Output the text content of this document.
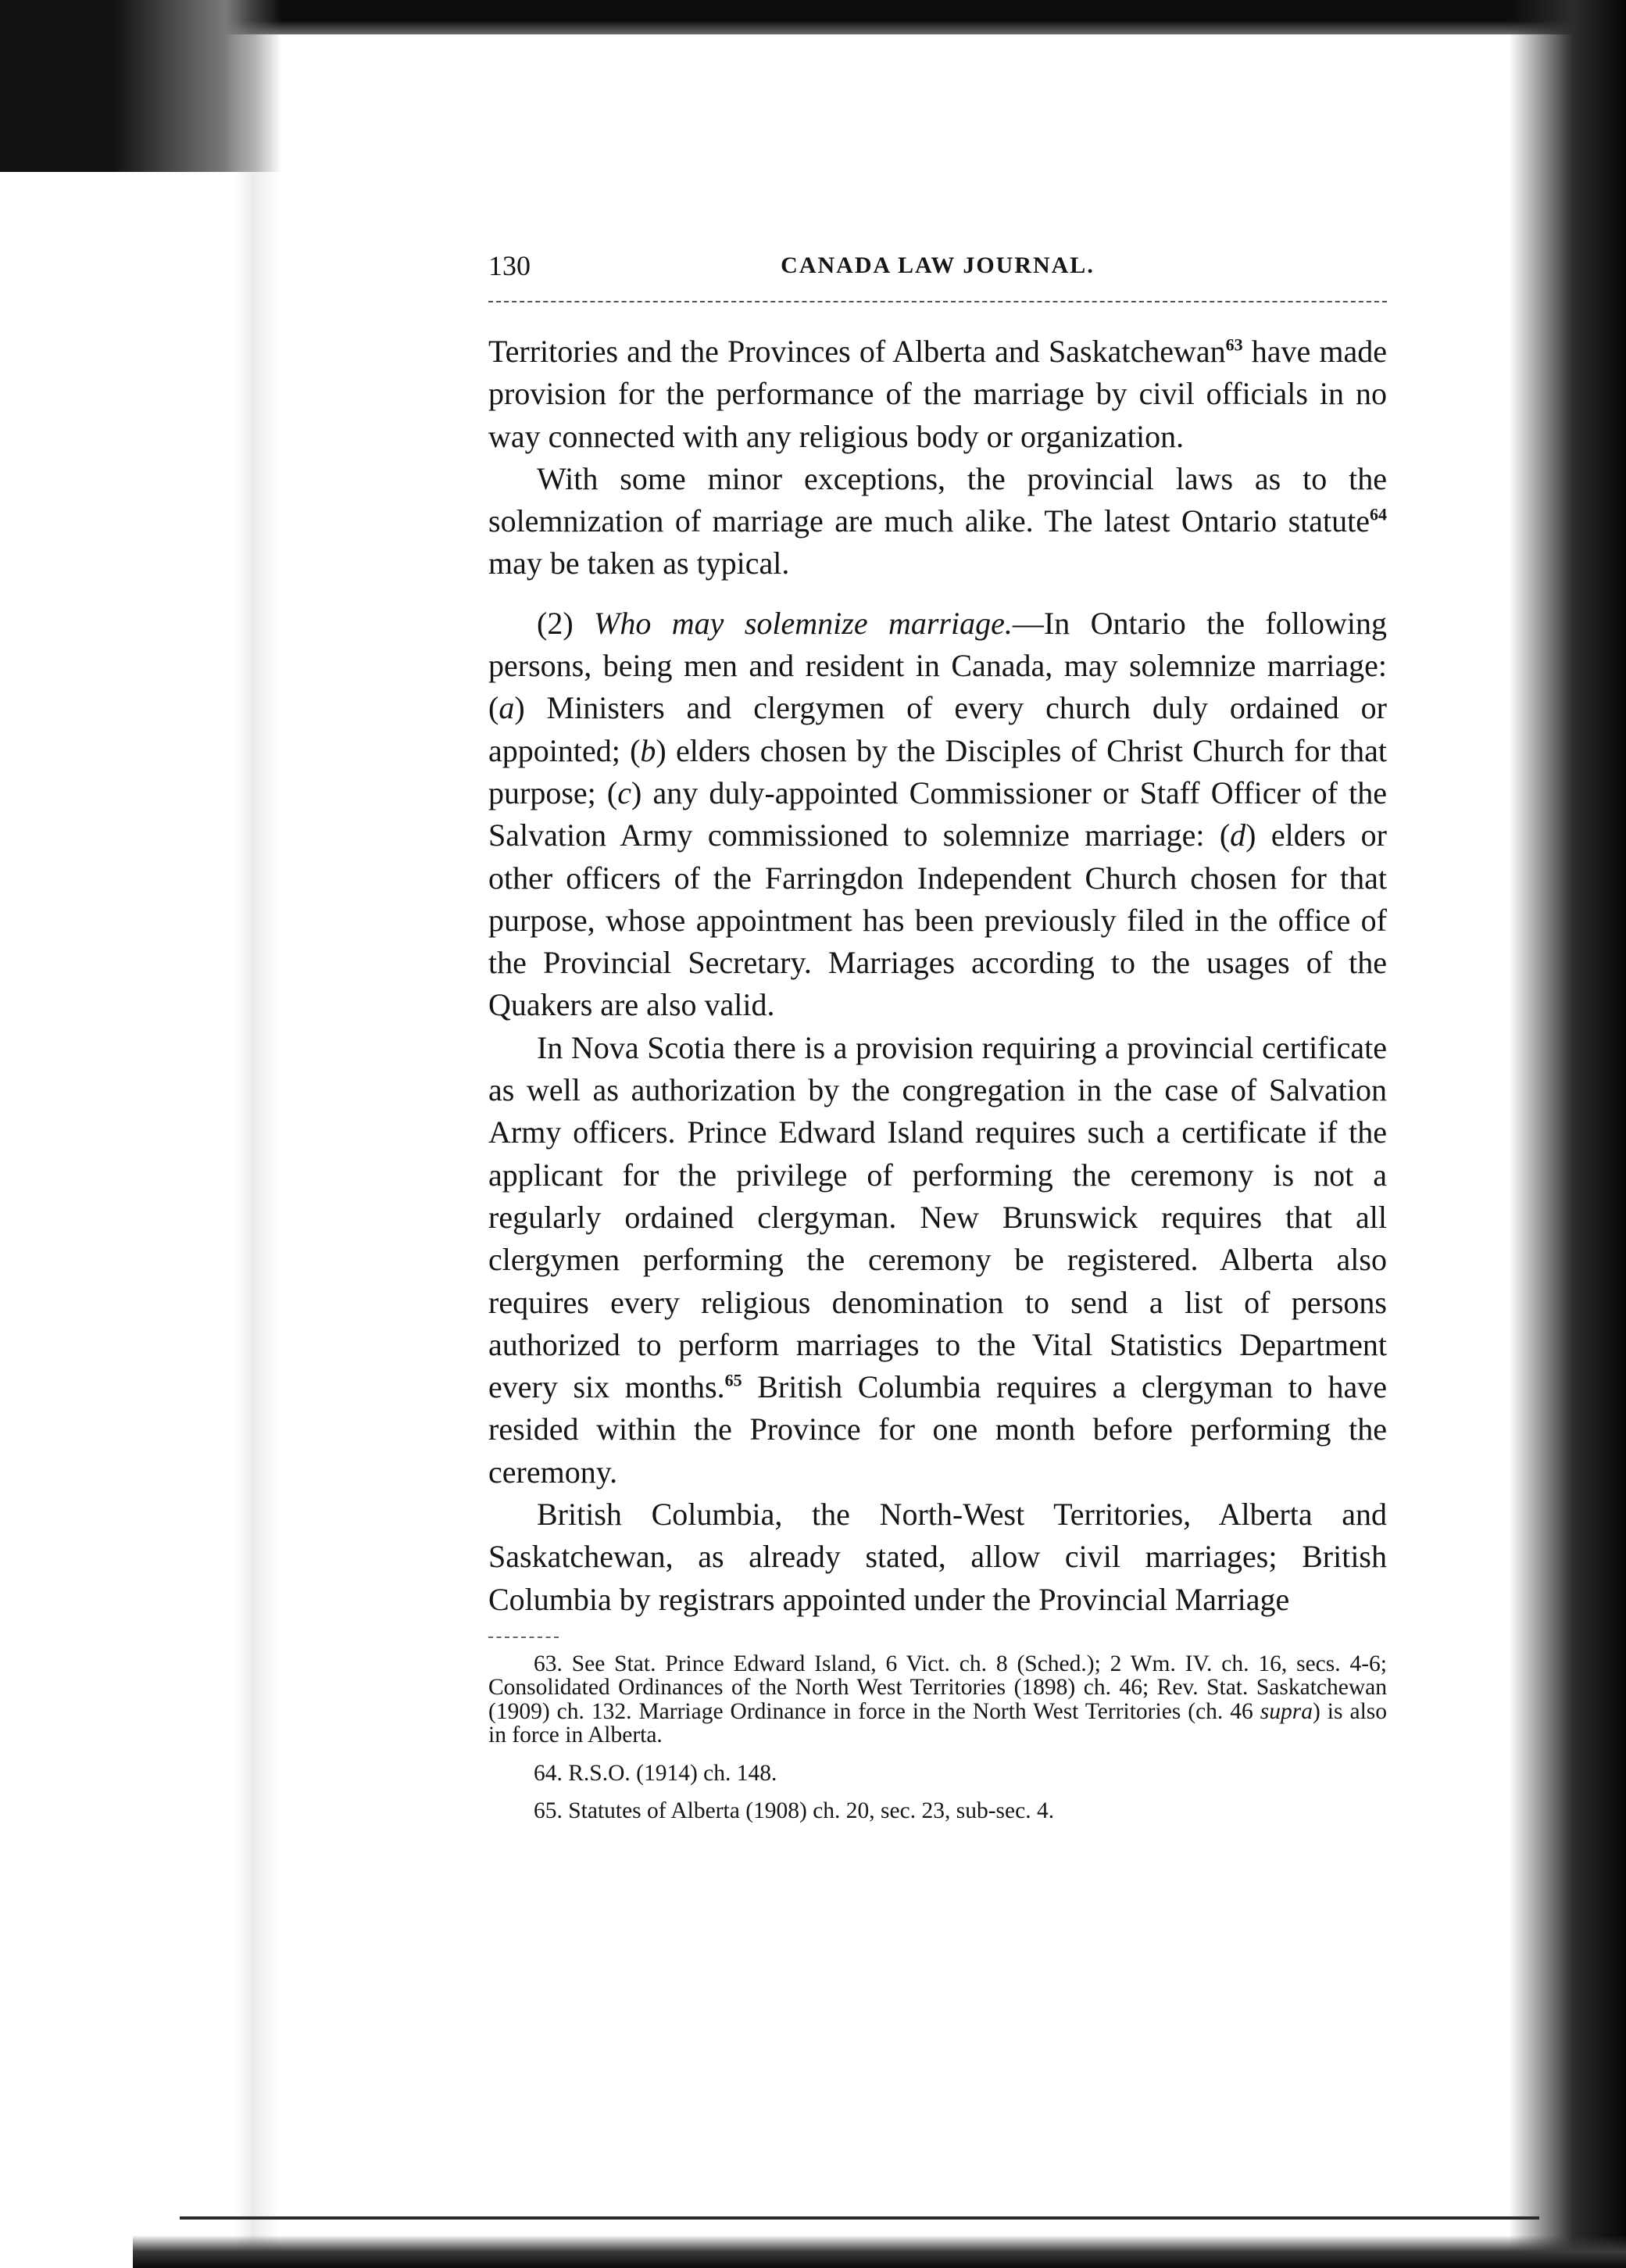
130	CANADA LAW JOURNAL.

Territories and the Provinces of Alberta and Saskatchewan$^{63}$ have made provision for the performance of the marriage by civil officials in no way connected with any religious body or organization.

With some minor exceptions, the provincial laws as to the solemnization of marriage are much alike. The latest Ontario statute$^{64}$ may be taken as typical.

(2) Who may solemnize marriage.—In Ontario the following persons, being men and resident in Canada, may solemnize marriage: (a) Ministers and clergymen of every church duly ordained or appointed; (b) elders chosen by the Disciples of Christ Church for that purpose; (c) any duly-appointed Commissioner or Staff Officer of the Salvation Army commissioned to solemnize marriage: (d) elders or other officers of the Farringdon Independent Church chosen for that purpose, whose appointment has been previously filed in the office of the Provincial Secretary. Marriages according to the usages of the Quakers are also valid.

In Nova Scotia there is a provision requiring a provincial certificate as well as authorization by the congregation in the case of Salvation Army officers. Prince Edward Island requires such a certificate if the applicant for the privilege of performing the ceremony is not a regularly ordained clergyman. New Brunswick requires that all clergymen performing the ceremony be registered. Alberta also requires every religious denomination to send a list of persons authorized to perform marriages to the Vital Statistics Department every six months.$^{65}$ British Columbia requires a clergyman to have resided within the Province for one month before performing the ceremony.

British Columbia, the North-West Territories, Alberta and Saskatchewan, as already stated, allow civil marriages; British Columbia by registrars appointed under the Provincial Marriage

63. See Stat. Prince Edward Island, 6 Vict. ch. 8 (Sched.); 2 Wm. IV. ch. 16, secs. 4-6; Consolidated Ordinances of the North West Territories (1898) ch. 46; Rev. Stat. Saskatchewan (1909) ch. 132. Marriage Ordinance in force in the North West Territories (ch. 46 supra) is also in force in Alberta.

64. R.S.O. (1914) ch. 148.

65. Statutes of Alberta (1908) ch. 20, sec. 23, sub-sec. 4.
